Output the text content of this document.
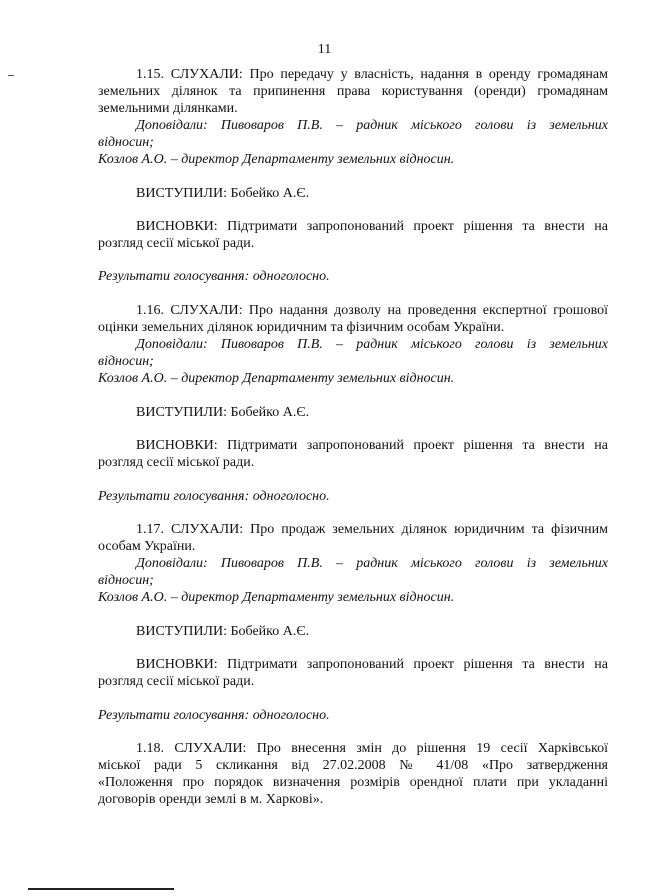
11
1.15. СЛУХАЛИ: Про передачу у власність, надання в оренду громадянам
земельних ділянок та припинення права користування (оренди) громадянам
земельними ділянками.
Доповідали: Пивоваров П.В. – радник міського голови із земельних
відносин;
Козлов А.О. – директор Департаменту земельних відносин.
ВИСТУПИЛИ: Бобейко А.Є.
ВИСНОВКИ: Підтримати запропонований проект рішення та внести на
розгляд сесії міської ради.
Результати голосування: одноголосно.
1.16. СЛУХАЛИ: Про надання дозволу на проведення експертної грошової
оцінки земельних ділянок юридичним та фізичним особам України.
Доповідали: Пивоваров П.В. – радник міського голови із земельних
відносин;
Козлов А.О. – директор Департаменту земельних відносин.
ВИСТУПИЛИ: Бобейко А.Є.
ВИСНОВКИ: Підтримати запропонований проект рішення та внести на
розгляд сесії міської ради.
Результати голосування: одноголосно.
1.17. СЛУХАЛИ: Про продаж земельних ділянок юридичним та фізичним
особам України.
Доповідали: Пивоваров П.В. – радник міського голови із земельних
відносин;
Козлов А.О. – директор Департаменту земельних відносин.
ВИСТУПИЛИ: Бобейко А.Є.
ВИСНОВКИ: Підтримати запропонований проект рішення та внести на
розгляд сесії міської ради.
Результати голосування: одноголосно.
1.18. СЛУХАЛИ: Про внесення змін до рішення 19 сесії Харківської
міської ради 5 скликання від 27.02.2008 № 41/08 «Про затвердження
«Положення про порядок визначення розмірів орендної плати при укладанні
договорів оренди землі в м. Харкові».
